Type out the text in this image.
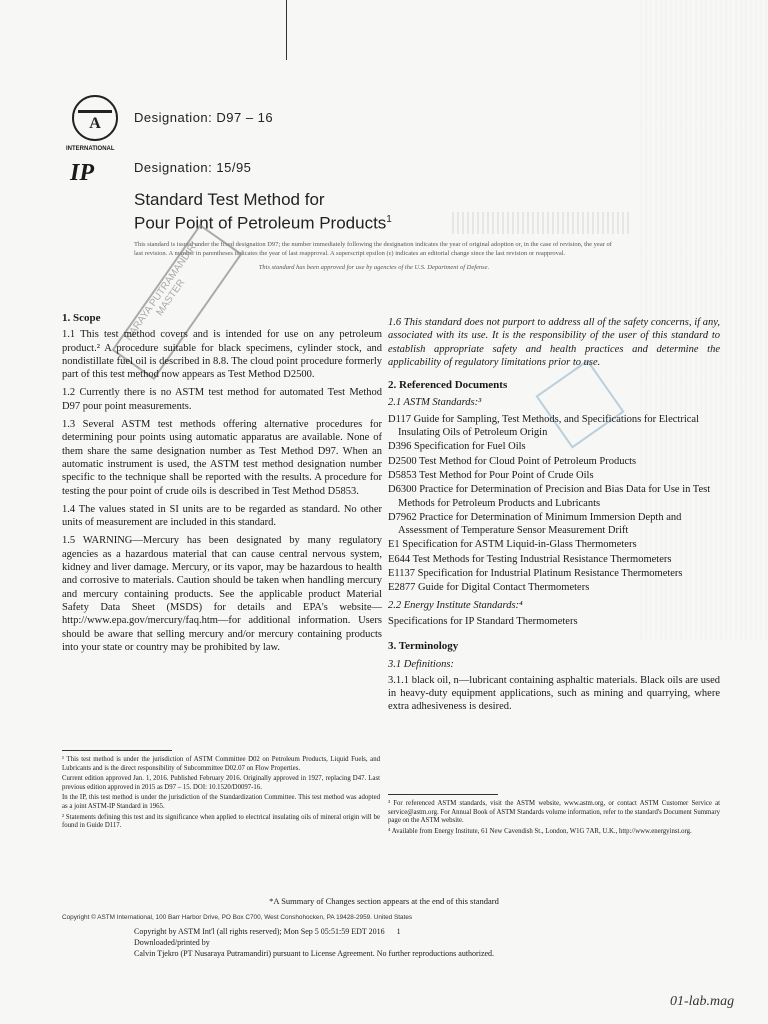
A
INTERNATIONAL
Designation: D97 – 16
IP	Designation: 15/95
Standard Test Method for
Pour Point of Petroleum Products$^1$

This standard is issued under the fixed designation D97; the number immediately following the designation indicates the year of original adoption or, in the case of revision, the year of last revision. A number in parentheses indicates the year of last reapproval. A superscript epsilon (ε) indicates an editorial change since the last revision or reapproval.

This standard has been approved for use by agencies of the U.S. Department of Defense.

NARAYA PUTRAMANDIRI MASTER
1. Scope

1.1 This test method covers and is intended for use on any petroleum product.² A procedure suitable for black specimens, cylinder stock, and nondistillate fuel oil is described in 8.8. The cloud point procedure formerly part of this test method now appears as Test Method D2500.

1.2 Currently there is no ASTM test method for automated Test Method D97 pour point measurements.

1.3 Several ASTM test methods offering alternative procedures for determining pour points using automatic apparatus are available. None of them share the same designation number as Test Method D97. When an automatic instrument is used, the ASTM test method designation number specific to the technique shall be reported with the results. A procedure for testing the pour point of crude oils is described in Test Method D5853.

1.4 The values stated in SI units are to be regarded as standard. No other units of measurement are included in this standard.

1.5 WARNING—Mercury has been designated by many regulatory agencies as a hazardous material that can cause central nervous system, kidney and liver damage. Mercury, or its vapor, may be hazardous to health and corrosive to materials. Caution should be taken when handling mercury and mercury containing products. See the applicable product Material Safety Data Sheet (MSDS) for details and EPA's website—http://www.epa.gov/mercury/faq.htm—for additional information. Users should be aware that selling mercury and/or mercury containing products into your state or country may be prohibited by law.

1.6 This standard does not purport to address all of the safety concerns, if any, associated with its use. It is the responsibility of the user of this standard to establish appropriate safety and health practices and determine the applicability of regulatory limitations prior to use.

2. Referenced Documents
2.1 ASTM Standards:³

D117 Guide for Sampling, Test Methods, and Specifications for Electrical Insulating Oils of Petroleum Origin

D396 Specification for Fuel Oils

D2500 Test Method for Cloud Point of Petroleum Products

D5853 Test Method for Pour Point of Crude Oils

D6300 Practice for Determination of Precision and Bias Data for Use in Test Methods for Petroleum Products and Lubricants

D7962 Practice for Determination of Minimum Immersion Depth and Assessment of Temperature Sensor Measurement Drift

E1 Specification for ASTM Liquid-in-Glass Thermometers

E644 Test Methods for Testing Industrial Resistance Thermometers

E1137 Specification for Industrial Platinum Resistance Thermometers

E2877 Guide for Digital Contact Thermometers

2.2 Energy Institute Standards:⁴

Specifications for IP Standard Thermometers

3. Terminology
3.1 Definitions:

3.1.1 black oil, n—lubricant containing asphaltic materials. Black oils are used in heavy-duty equipment applications, such as mining and quarrying, where extra adhesiveness is desired.

¹ This test method is under the jurisdiction of ASTM Committee D02 on Petroleum Products, Liquid Fuels, and Lubricants and is the direct responsibility of Subcommittee D02.07 on Flow Properties.

Current edition approved Jan. 1, 2016. Published February 2016. Originally approved in 1927, replacing D47. Last previous edition approved in 2015 as D97 – 15. DOI: 10.1520/D0097-16.

In the IP, this test method is under the jurisdiction of the Standardization Committee. This test method was adopted as a joint ASTM-IP Standard in 1965.

² Statements defining this test and its significance when applied to electrical insulating oils of mineral origin will be found in Guide D117.

³ For referenced ASTM standards, visit the ASTM website, www.astm.org, or contact ASTM Customer Service at service@astm.org. For Annual Book of ASTM Standards volume information, refer to the standard's Document Summary page on the ASTM website.

⁴ Available from Energy Institute, 61 New Cavendish St., London, W1G 7AR, U.K., http://www.energyinst.org.

*A Summary of Changes section appears at the end of this standard
Copyright © ASTM International, 100 Barr Harbor Drive, PO Box C700, West Conshohocken, PA 19428-2959. United States
Copyright by ASTM Int'l (all rights reserved); Mon Sep 5 05:51:59 EDT 2016 1
Downloaded/printed by
Calvin Tjekro (PT Nusaraya Putramandiri) pursuant to License Agreement. No further reproductions authorized.
01-lab.mag
